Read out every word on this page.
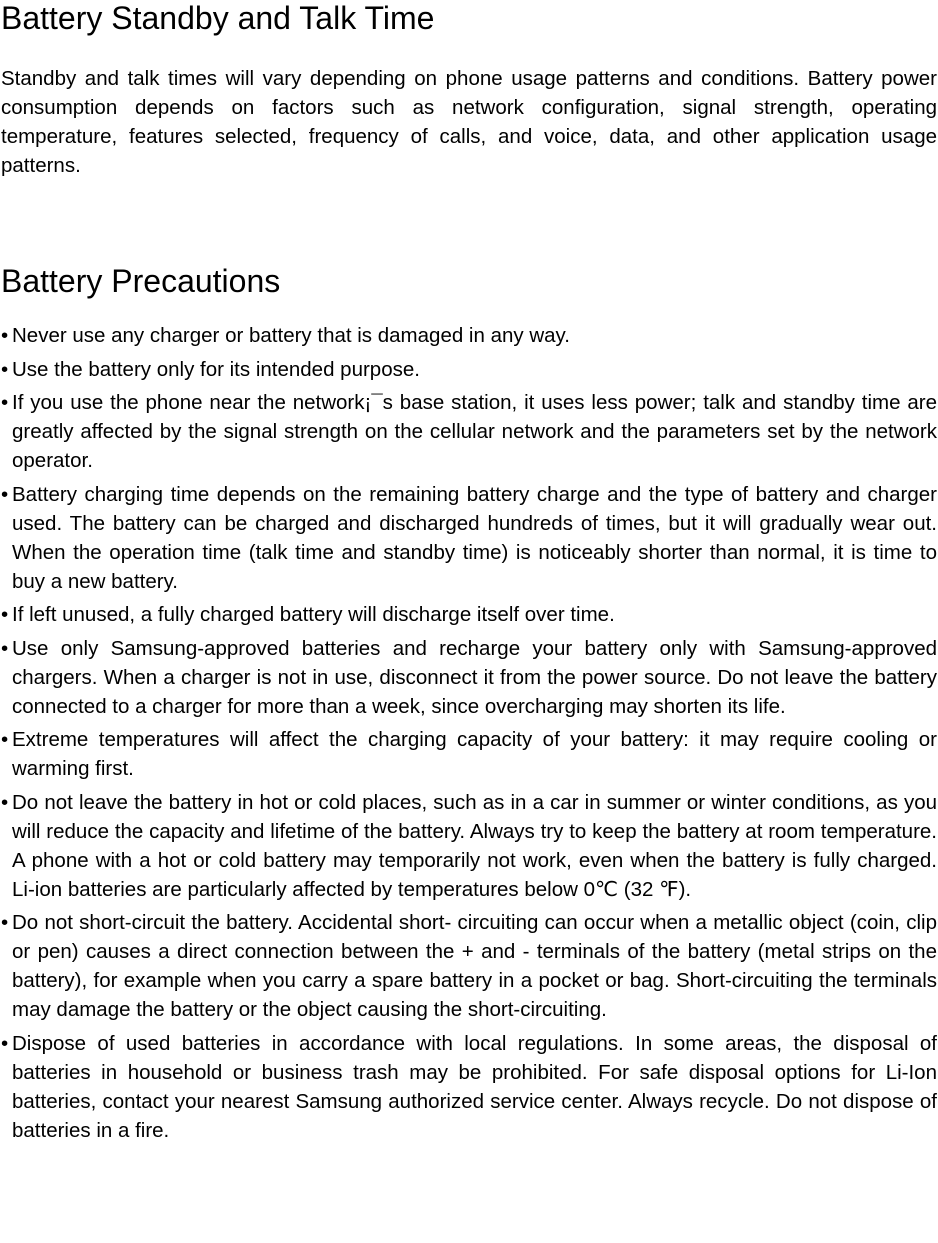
Battery Standby and Talk Time

Standby and talk times will vary depending on phone usage patterns and conditions. Battery power consumption depends on factors such as network configuration, signal strength, operating temperature, features selected, frequency of calls, and voice, data, and other application usage patterns.

Battery Precautions
• Never use any charger or battery that is damaged in any way.
• Use the battery only for its intended purpose.
• If you use the phone near the network¡¯s base station, it uses less power; talk and standby time are greatly affected by the signal strength on the cellular network and the parameters set by the network operator.
• Battery charging time depends on the remaining battery charge and the type of battery and charger used. The battery can be charged and discharged hundreds of times, but it will gradually wear out. When the operation time (talk time and standby time) is noticeably shorter than normal, it is time to buy a new battery.
• If left unused, a fully charged battery will discharge itself over time.
• Use only Samsung-approved batteries and recharge your battery only with Samsung-approved chargers. When a charger is not in use, disconnect it from the power source. Do not leave the battery connected to a charger for more than a week, since overcharging may shorten its life.
• Extreme temperatures will affect the charging capacity of your battery: it may require cooling or warming first.
• Do not leave the battery in hot or cold places, such as in a car in summer or winter conditions, as you will reduce the capacity and lifetime of the battery. Always try to keep the battery at room temperature. A phone with a hot or cold battery may temporarily not work, even when the battery is fully charged. Li-ion batteries are particularly affected by temperatures below 0℃ (32 ℉).
• Do not short-circuit the battery. Accidental short- circuiting can occur when a metallic object (coin, clip or pen) causes a direct connection between the + and - terminals of the battery (metal strips on the battery), for example when you carry a spare battery in a pocket or bag. Short-circuiting the terminals may damage the battery or the object causing the short-circuiting.
• Dispose of used batteries in accordance with local regulations. In some areas, the disposal of batteries in household or business trash may be prohibited. For safe disposal options for Li-Ion batteries, contact your nearest Samsung authorized service center. Always recycle. Do not dispose of batteries in a fire.
